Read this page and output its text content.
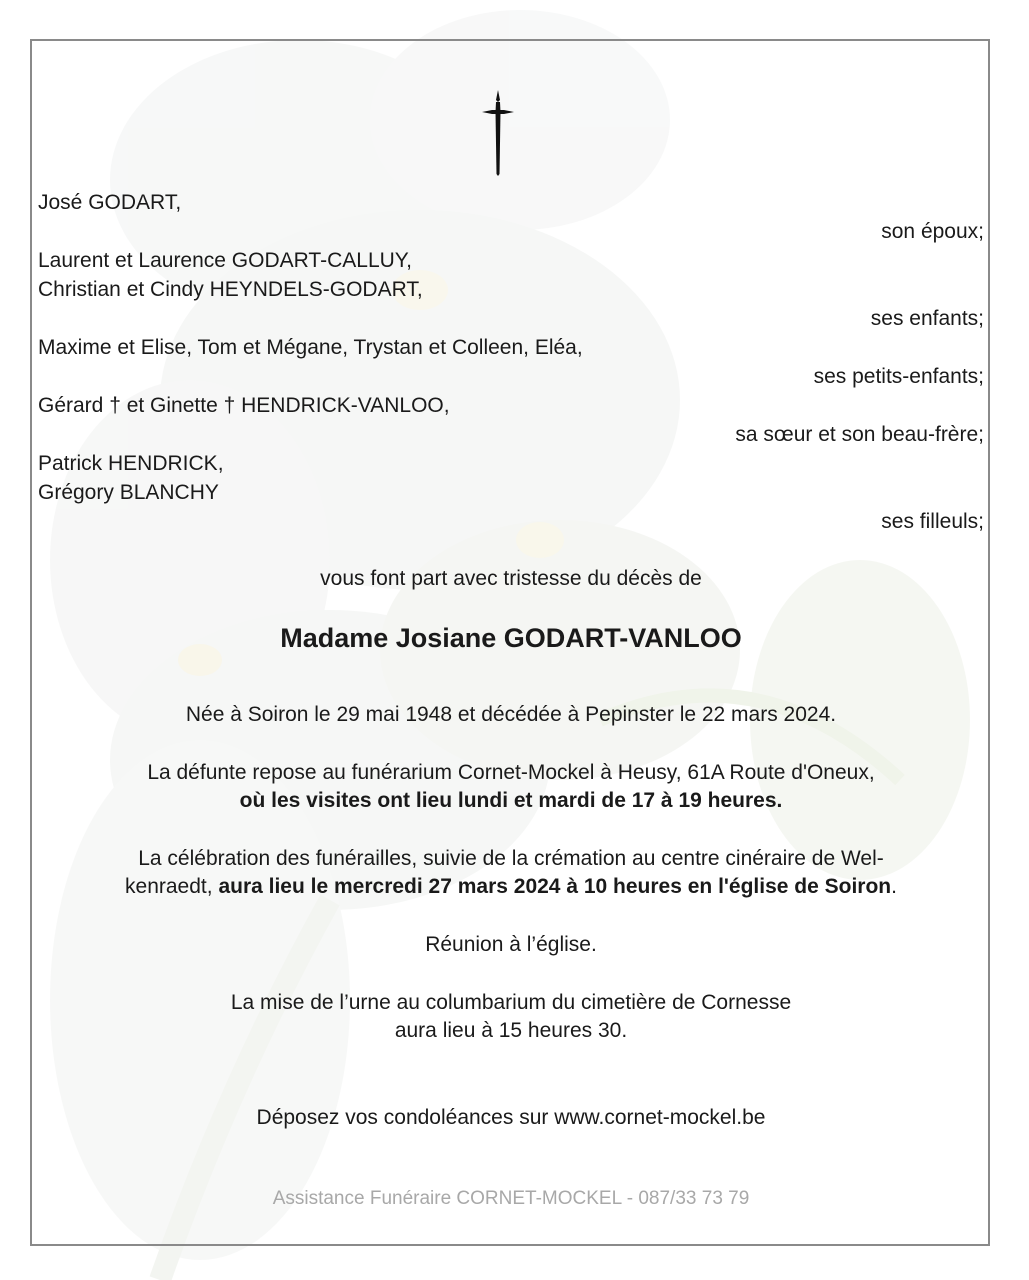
José GODART,
son époux;
Laurent et Laurence GODART-CALLUY,
Christian et Cindy HEYNDELS-GODART,
ses enfants;
Maxime et Elise, Tom et Mégane, Trystan et Colleen, Eléa,
ses petits-enfants;
Gérard † et Ginette † HENDRICK-VANLOO,
sa sœur et son beau-frère;
Patrick HENDRICK,
Grégory BLANCHY
ses filleuls;
vous font part avec tristesse du décès de
Madame Josiane GODART-VANLOO
Née à Soiron le 29 mai 1948 et décédée à Pepinster le 22 mars 2024.
La défunte repose au funérarium Cornet-Mockel à Heusy, 61A Route d'Oneux,
où les visites ont lieu lundi et mardi de 17 à 19 heures.
La célébration des funérailles, suivie de la crémation au centre cinéraire de Wel-
kenraedt, aura lieu le mercredi 27 mars 2024 à 10 heures en l'église de Soiron.
Réunion à l’église.
La mise de l’urne au columbarium du cimetière de Cornesse
aura lieu à 15 heures 30.
Déposez vos condoléances sur www.cornet-mockel.be
Assistance Funéraire CORNET-MOCKEL - 087/33 73 79
